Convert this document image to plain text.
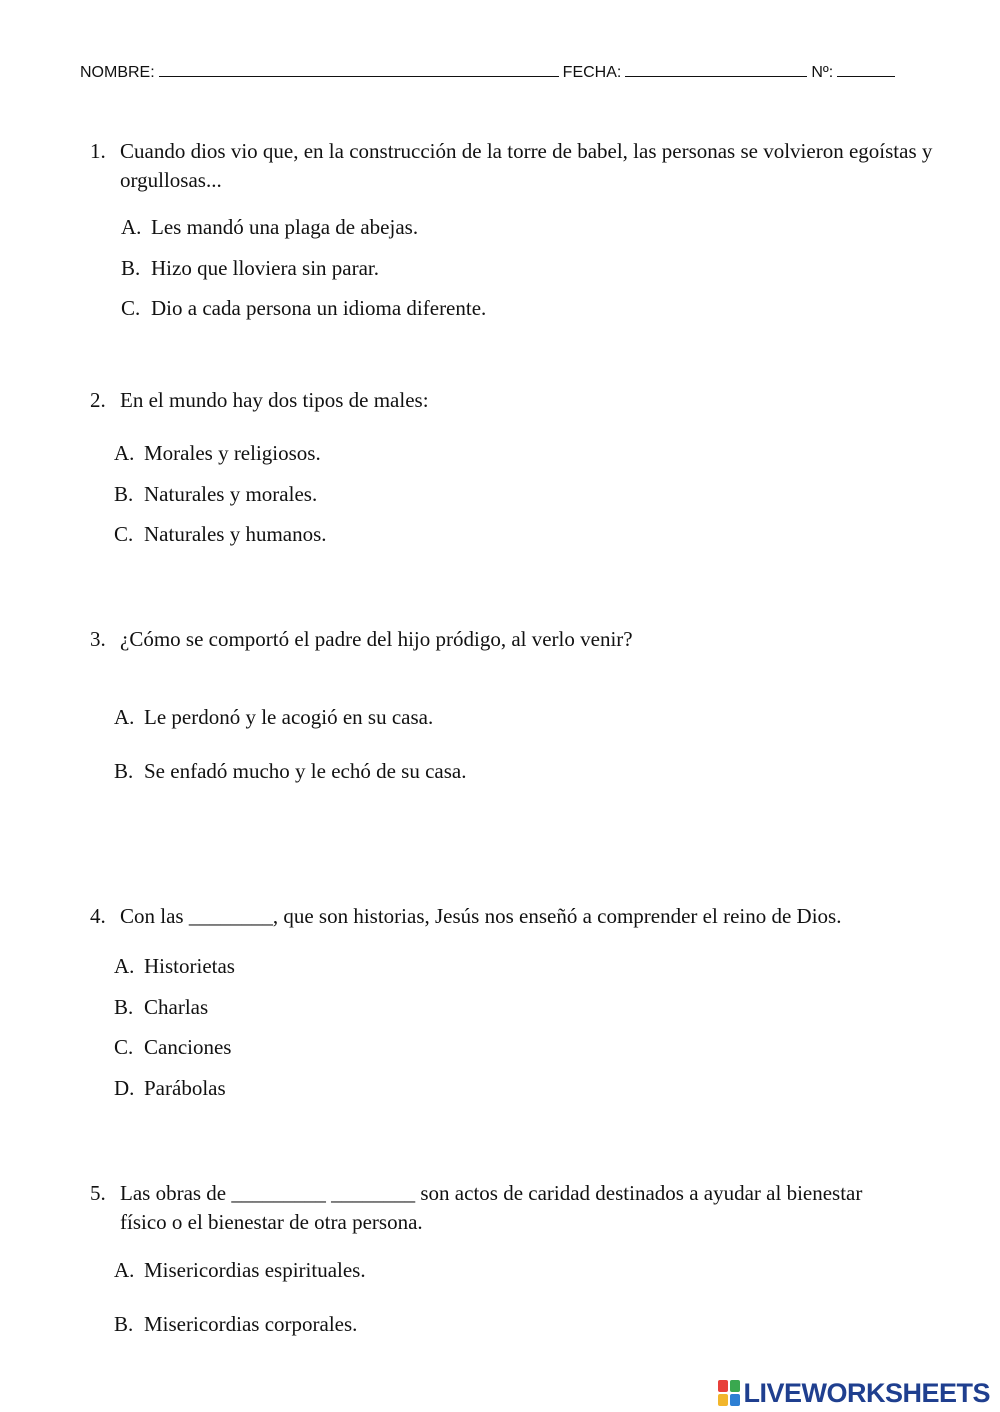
NOMBRE:	FECHA:	Nº:
1. Cuando dios vio que, en la construcción de la torre de babel, las personas se volvieron egoístas y orgullosas...
A. Les mandó una plaga de abejas.
B. Hizo que lloviera sin parar.
C. Dio a cada persona un idioma diferente.
2. En el mundo hay dos tipos de males:
A. Morales y religiosos.
B. Naturales y morales.
C. Naturales y humanos.
3. ¿Cómo se comportó el padre del hijo pródigo, al verlo venir?
A. Le perdonó y le acogió en su casa.
B. Se enfadó mucho y le echó de su casa.
4. Con las ________, que son historias, Jesús nos enseñó a comprender el reino de Dios.
A. Historietas
B. Charlas
C. Canciones
D. Parábolas
5. Las obras de _________ ________ son actos de caridad destinados a ayudar al bienestar físico o el bienestar de otra persona.
A. Misericordias espirituales.
B. Misericordias corporales.
LIVEWORKSHEETS
